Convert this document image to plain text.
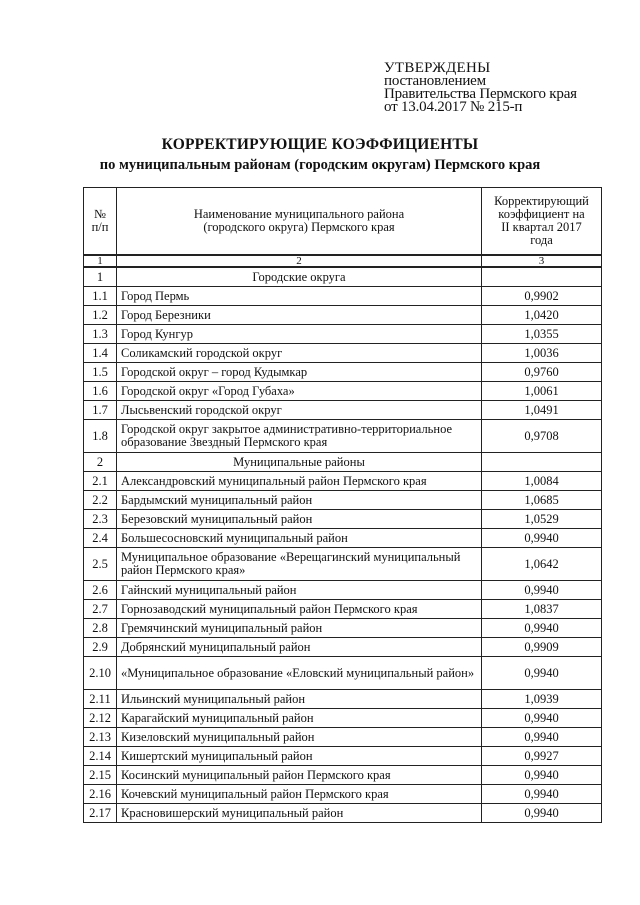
УТВЕРЖДЕНЫ
постановлением
Правительства Пермского края
от 13.04.2017 № 215-п
КОРРЕКТИРУЮЩИЕ КОЭФФИЦИЕНТЫ
по муниципальным районам (городским округам) Пермского края
№ п/п	Наименование муниципального района (городского округа) Пермского края	Корректирующий коэффициент на II квартал 2017 года
1	2	3
1	Городские округа	
1.1	Город Пермь	0,9902
1.2	Город Березники	1,0420
1.3	Город Кунгур	1,0355
1.4	Соликамский городской округ	1,0036
1.5	Городской округ – город Кудымкар	0,9760
1.6	Городской округ «Город Губаха»	1,0061
1.7	Лысьвенский городской округ	1,0491
1.8	Городской округ закрытое административно-территориальное образование Звездный Пермского края	0,9708
2	Муниципальные районы	
2.1	Александровский муниципальный район Пермского края	1,0084
2.2	Бардымский муниципальный район	1,0685
2.3	Березовский муниципальный район	1,0529
2.4	Большесосновский муниципальный район	0,9940
2.5	Муниципальное образование «Верещагинский муниципальный район Пермского края»	1,0642
2.6	Гайнский муниципальный район	0,9940
2.7	Горнозаводский муниципальный район Пермского края	1,0837
2.8	Гремячинский муниципальный район	0,9940
2.9	Добрянский муниципальный район	0,9909
2.10	«Муниципальное образование «Еловский муниципальный район»	0,9940
2.11	Ильинский муниципальный район	1,0939
2.12	Карагайский муниципальный район	0,9940
2.13	Кизеловский муниципальный район	0,9940
2.14	Кишертский муниципальный район	0,9927
2.15	Косинский муниципальный район Пермского края	0,9940
2.16	Кочевский муниципальный район Пермского края	0,9940
2.17	Красновишерский муниципальный район	0,9940
